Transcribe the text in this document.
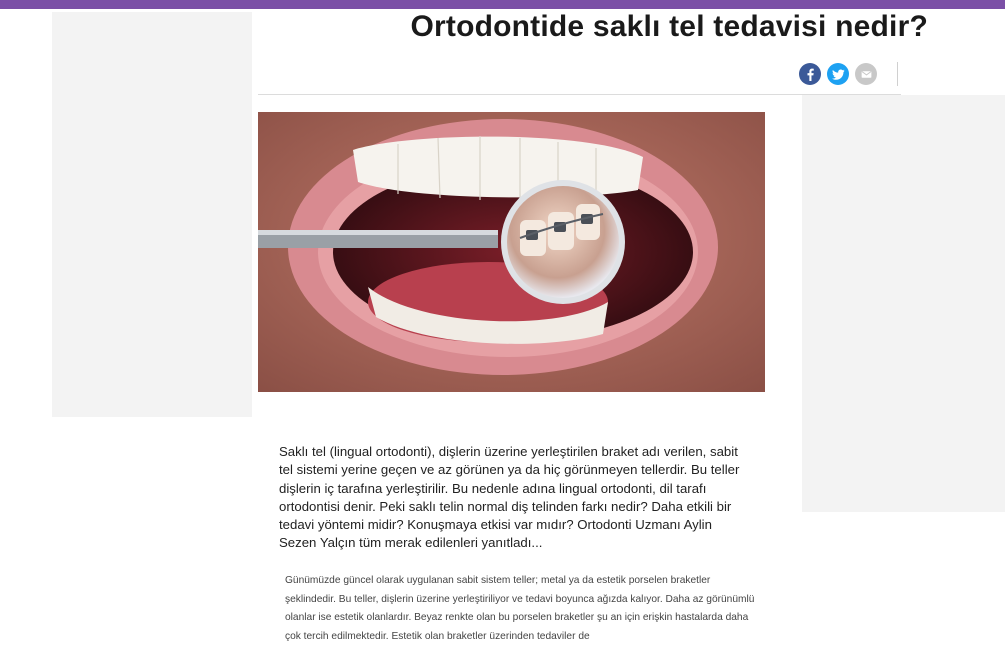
Ortodontide saklı tel tedavisi nedir?

Saklı tel (lingual ortodonti), dişlerin üzerine yerleştirilen braket adı verilen, sabit tel sistemi yerine geçen ve az görünen ya da hiç görünmeyen tellerdir. Bu teller dişlerin iç tarafına yerleştirilir. Bu nedenle adına lingual ortodonti, dil tarafı ortodontisi denir. Peki saklı telin normal diş telinden farkı nedir? Daha etkili bir tedavi yöntemi midir? Konuşmaya etkisi var mıdır? Ortodonti Uzmanı Aylin Sezen Yalçın tüm merak edilenleri yanıtladı...

Günümüzde güncel olarak uygulanan sabit sistem teller; metal ya da estetik porselen braketler şeklindedir. Bu teller, dişlerin üzerine yerleştiriliyor ve tedavi boyunca ağızda kalıyor. Daha az görünümlü olanlar ise estetik olanlardır. Beyaz renkte olan bu porselen braketler şu an için erişkin hastalarda daha çok tercih edilmektedir. Estetik olan braketler üzerinden tedaviler de
